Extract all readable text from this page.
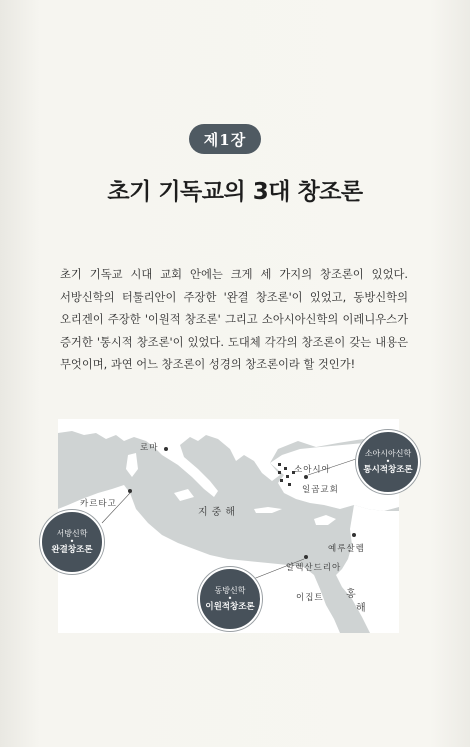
제1장
초기 기독교의 3대 창조론
초기 기독교 시대 교회 안에는 크게 세 가지의 창조론이 있었다. 서방신학의 터툴리안이 주장한 '완결 창조론'이 있었고, 동방신학의 오리겐이 주장한 '이원적 창조론' 그리고 소아시아신학의 이레니우스가 증거한 '통시적 창조론'이 있었다. 도대체 각각의 창조론이 갖는 내용은 무엇이며, 과연 어느 창조론이 성경의 창조론이라 할 것인가!
로마
소아시아
일곱교회
카르타고
알렉산드리아
예루살렘
이집트
지중해
홍
해
서방신학
•
완결창조론
동방신학
•
이원적창조론
소아시아신학
•
통시적창조론
